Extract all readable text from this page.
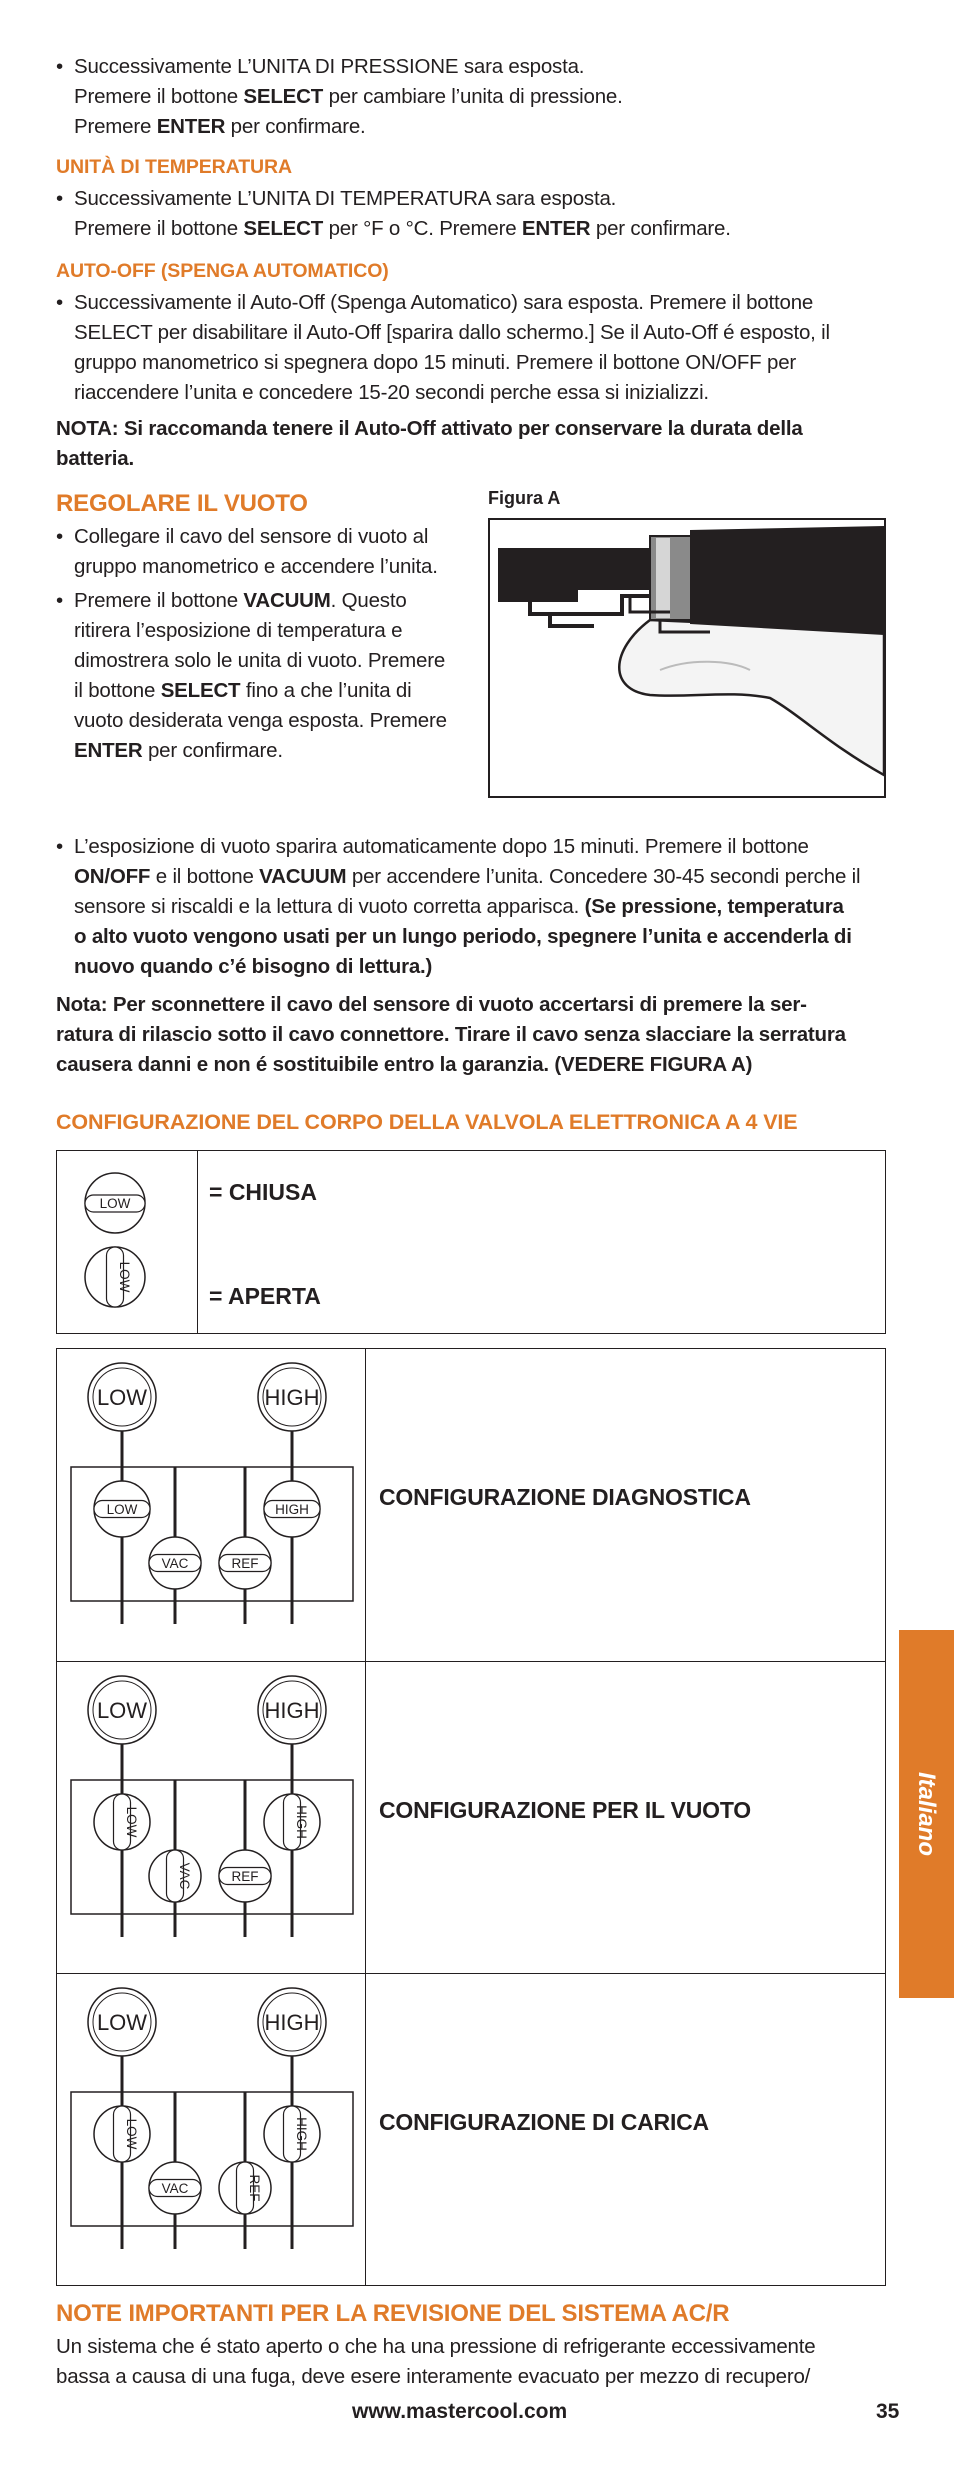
• Successivamente L’UNITA DI PRESSIONE sara esposta.
Premere il bottone SELECT per cambiare l’unita di pressione.
Premere ENTER per confirmare.
UNITÀ DI TEMPERATURA
• Successivamente L’UNITA DI TEMPERATURA sara esposta.
Premere il bottone SELECT per °F o °C. Premere ENTER per confirmare.
AUTO-OFF (SPENGA AUTOMATICO)
• Successivamente il Auto-Off (Spenga Automatico) sara esposta. Premere il bottone
SELECT per disabilitare il Auto-Off [sparira dallo schermo.] Se il Auto-Off é esposto, il
gruppo manometrico si spegnera dopo 15 minuti. Premere il bottone ON/OFF per
riaccendere l’unita e concedere 15-20 secondi perche essa si inizializzi.
NOTA: Si raccomanda tenere il Auto-Off attivato per conservare la durata della
batteria.
REGOLARE IL VUOTO
• Collegare il cavo del sensore di vuoto al
gruppo manometrico e accendere l’unita.
• Premere il bottone VACUUM. Questo
ritirera l’esposizione di temperatura e
dimostrera solo le unita di vuoto. Premere
il bottone SELECT fino a che l’unita di
vuoto desiderata venga esposta. Premere
ENTER per confirmare.
Figura A
• L’esposizione di vuoto sparira automaticamente dopo 15 minuti. Premere il bottone
ON/OFF e il bottone VACUUM per accendere l’unita. Concedere 30-45 secondi perche il
sensore si riscaldi e la lettura di vuoto corretta apparisca. (Se pressione, temperatura
o alto vuoto vengono usati per un lungo periodo, spegnere l’unita e accenderla di
nuovo quando c’é bisogno di lettura.)
Nota: Per sconnettere il cavo del sensore di vuoto accertarsi di premere la ser-
ratura di rilascio sotto il cavo connettore. Tirare il cavo senza slacciare la serratura
causera danni e non é sostituibile entro la garanzia. (VEDERE FIGURA A)
CONFIGURAZIONE DEL CORPO DELLA VALVOLA ELETTRONICA A 4 VIE
LOW
LOW
= CHIUSA
= APERTA
LOW	HIGH
LOW	HIGH
VAC	REF
CONFIGURAZIONE DIAGNOSTICA
LOW	HIGH
LOW	HIGH
VAC	REF
CONFIGURAZIONE PER IL VUOTO
LOW	HIGH
LOW	HIGH
VAC	REF
CONFIGURAZIONE DI CARICA
NOTE IMPORTANTI PER LA REVISIONE DEL SISTEMA AC/R
Un sistema che é stato aperto o che ha una pressione di refrigerante eccessivamente
bassa a causa di una fuga, deve esere interamente evacuato per mezzo di recupero/
Italiano
www.mastercool.com	35
